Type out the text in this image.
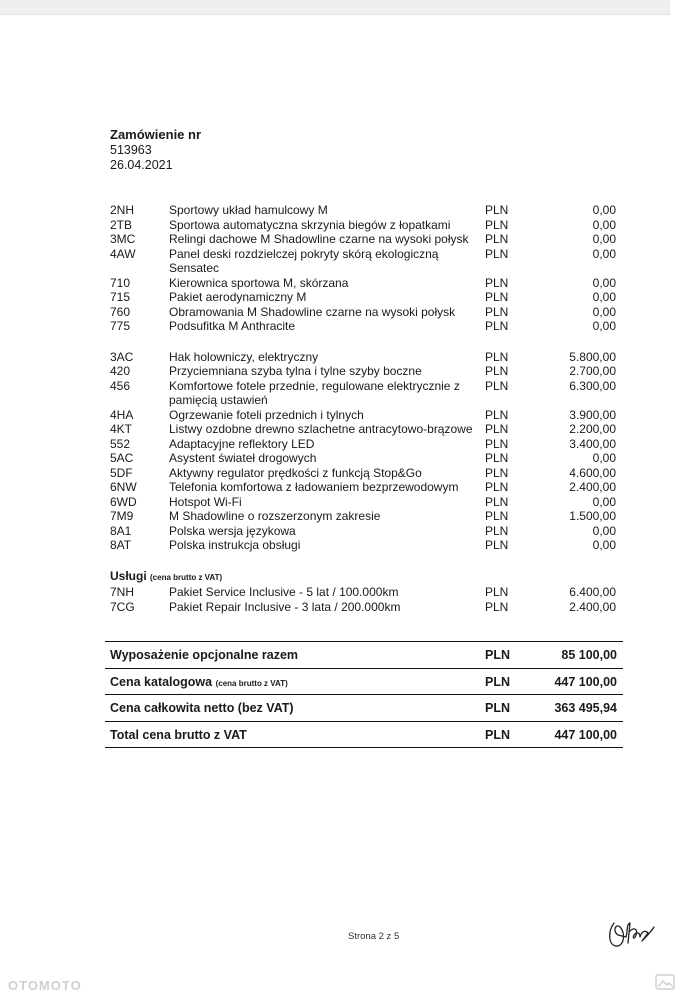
Zamówienie nr
513963
26.04.2021
2NH	Sportowy układ hamulcowy M	PLN	0,00
2TB	Sportowa automatyczna skrzynia biegów z łopatkami	PLN	0,00
3MC	Relingi dachowe M Shadowline czarne na wysoki połysk	PLN	0,00
4AW	Panel deski rozdzielczej pokryty skórą ekologiczną Sensatec
PLN	0,00
710	Kierownica sportowa M, skórzana	PLN	0,00
715	Pakiet aerodynamiczny M	PLN	0,00
760	Obramowania M Shadowline czarne na wysoki połysk	PLN	0,00
775	Podsufitka M Anthracite	PLN	0,00
3AC	Hak holowniczy, elektryczny	PLN	5.800,00
420	Przyciemniana szyba tylna i tylne szyby boczne	PLN	2.700,00
456	Komfortowe fotele przednie, regulowane elektrycznie z pamięcią ustawień
PLN	6.300,00
4HA	Ogrzewanie foteli przednich i tylnych	PLN	3.900,00
4KT	Listwy ozdobne drewno szlachetne antracytowo-brązowe PLN	2.200,00
552	Adaptacyjne reflektory LED	PLN	3.400,00
5AC	Asystent świateł drogowych	PLN	0,00
5DF	Aktywny regulator prędkości z funkcją Stop&Go	PLN	4.600,00
6NW	Telefonia komfortowa z ładowaniem bezprzewodowym	PLN	2.400,00
6WD	Hotspot Wi-Fi	PLN	0,00
7M9	M Shadowline o rozszerzonym zakresie	PLN	1.500,00
8A1	Polska wersja językowa	PLN	0,00
8AT	Polska instrukcja obsługi	PLN	0,00
Usługi (cena brutto z VAT)
7NH	Pakiet Service Inclusive - 5 lat / 100.000km	PLN	6.400,00
7CG	Pakiet Repair Inclusive - 3 lata / 200.000km	PLN	2.400,00
Wyposażenie opcjonalne razem	PLN	85 100,00
Cena katalogowa (cena brutto z VAT)	PLN	447 100,00
Cena całkowita netto (bez VAT)	PLN	363 495,94
Total cena brutto z VAT	PLN	447 100,00
Strona 2 z 5
OTOMOTO
